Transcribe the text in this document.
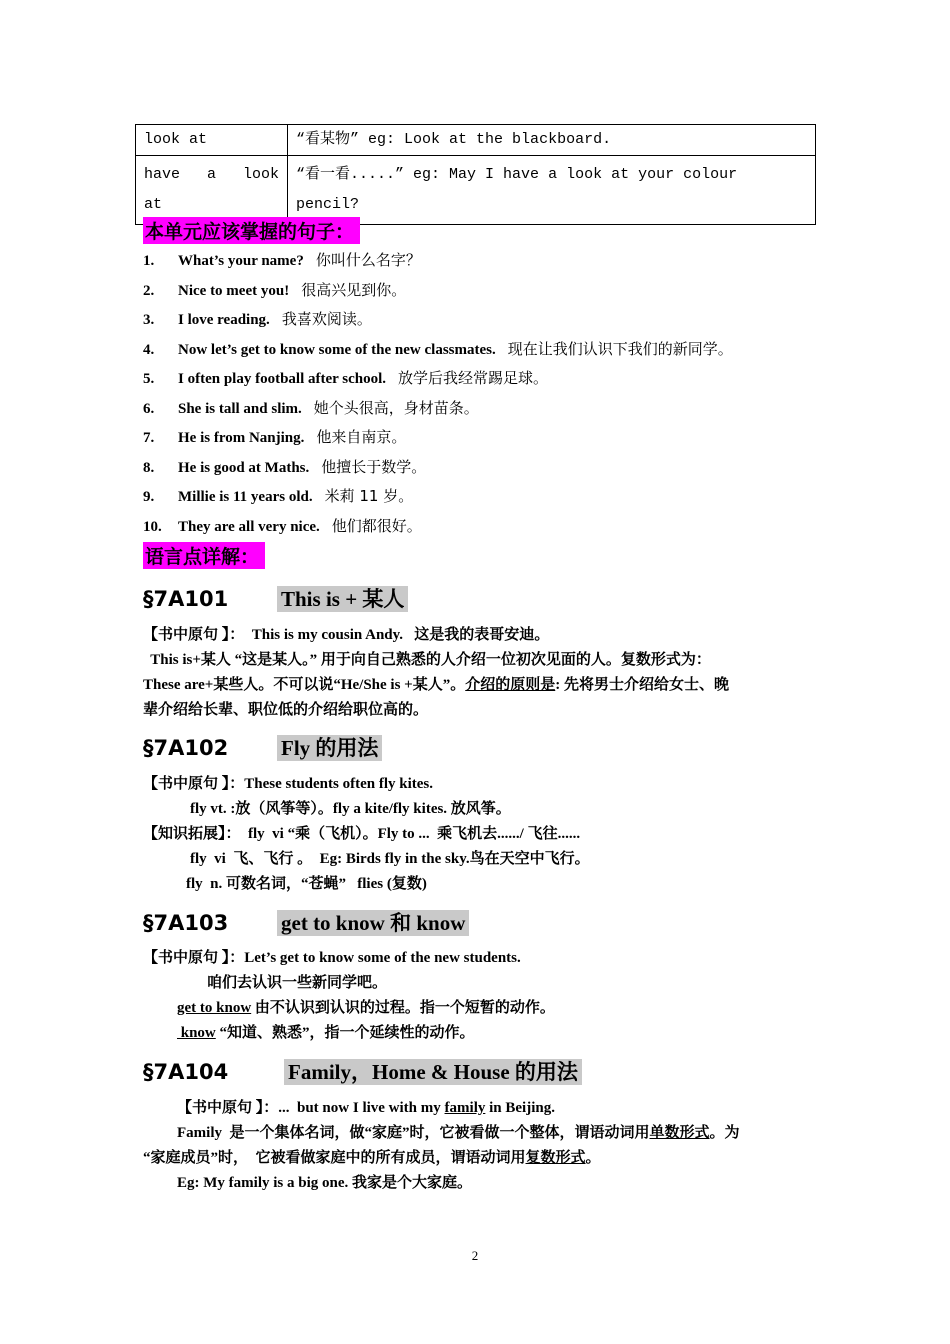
look at	“看某物” eg: Look at the blackboard.

have   a   look
at	“看一看.....” eg: May I have a look at your colour pencil?
本单元应该掌握的句子：
1. What’s your name? 你叫什么名字？
2. Nice to meet you! 很高兴见到你。
3. I love reading. 我喜欢阅读。
4. Now let’s get to know some of the new classmates. 现在让我们认识下我们的新同学。
5. I often play football after school. 放学后我经常踢足球。
6. She is tall and slim. 她个头很高，身材苗条。
7. He is from Nanjing. 他来自南京。
8. He is good at Maths. 他擅长于数学。
9. Millie is 11 years old. 米莉 11 岁。
10. They are all very nice. 他们都很好。
语言点详解：
§7A101	This is + 某人
【书中原句 】：  This is my cousin Andy.   这是我的表哥安迪。
This is+某人 “这是某人。” 用于向自己熟悉的人介绍一位初次见面的人。复数形式为：
These are+某些人。不可以说“He/She is +某人”。介绍的原则是: 先将男士介绍给女士、晚
辈介绍给长辈、职位低的介绍给职位高的。
§7A102	Fly 的用法
【书中原句 】：These students often fly kites.
fly vt. :放（风筝等）。fly a kite/fly kites. 放风筝。
【知识拓展】：  fly  vi “乘（飞机）。Fly to ...  乘飞机去....../ 飞往......
fly  vi  飞、飞行 。  Eg: Birds fly in the sky.鸟在天空中飞行。
fly  n. 可数名词，“苍蝇”   flies (复数)
§7A103	get to know 和 know
【书中原句 】：Let’s get to know some of the new students.
咱们去认识一些新同学吧。
get to know 由不认识到认识的过程。指一个短暂的动作。
know “知道、熟悉”，指一个延续性的动作。
§7A104	Family，Home & House 的用法
【书中原句 】：...  but now I live with my family in Beijing.
Family  是一个集体名词，做“家庭”时，它被看做一个整体，谓语动词用单数形式。为
“家庭成员”时，  它被看做家庭中的所有成员，谓语动词用复数形式。
Eg: My family is a big one. 我家是个大家庭。
2
